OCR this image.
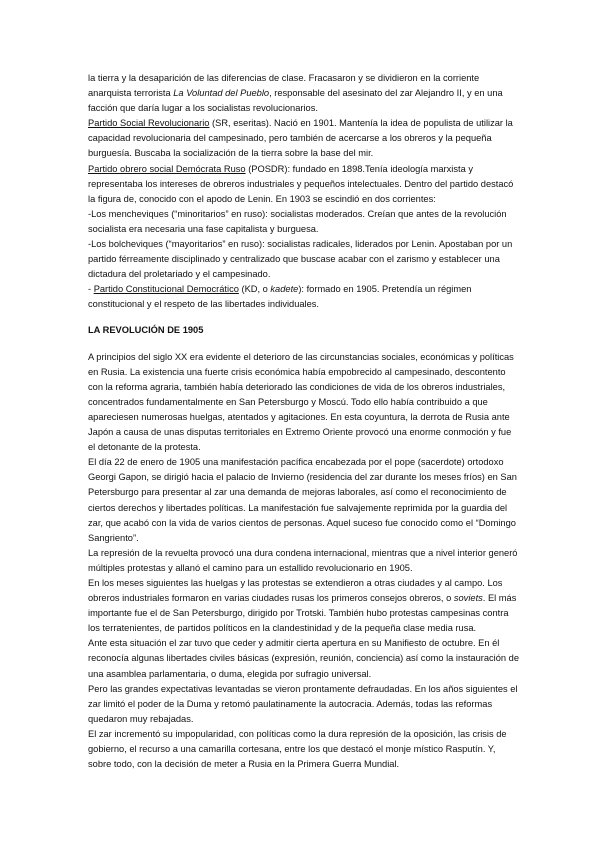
la tierra y la desaparición de las diferencias de clase. Fracasaron y se dividieron en la corriente anarquista terrorista La Voluntad del Pueblo, responsable del asesinato del zar Alejandro II, y en una facción que daría lugar a los socialistas revolucionarios.

Partido Social Revolucionario (SR, eseritas). Nació en 1901. Mantenía la idea de populista de utilizar la capacidad revolucionaria del campesinado, pero también de acercarse a los obreros y la pequeña burguesía. Buscaba la socialización de la tierra sobre la base del mir.

Partido obrero social Demócrata Ruso (POSDR): fundado en 1898.Tenía ideología marxista y representaba los intereses de obreros industriales y pequeños intelectuales. Dentro del partido destacó la figura de, conocido con el apodo de Lenin. En 1903 se escindió en dos corrientes:

-Los mencheviques (“minoritarios” en ruso): socialistas moderados. Creían que antes de la revolución socialista era necesaria una fase capitalista y burguesa.

-Los bolcheviques (“mayoritarios” en ruso): socialistas radicales, liderados por Lenin. Apostaban por un partido férreamente disciplinado y centralizado que buscase acabar con el zarismo y establecer una dictadura del proletariado y el campesinado.

- Partido Constitucional Democrático (KD, o kadete): formado en 1905. Pretendía un régimen constitucional y el respeto de las libertades individuales.

LA REVOLUCIÓN DE 1905

A principios del siglo XX era evidente el deterioro de las circunstancias sociales, económicas y políticas en Rusia. La existencia una fuerte crisis económica había empobrecido al campesinado, descontento con la reforma agraria, también había deteriorado las condiciones de vida de los obreros industriales, concentrados fundamentalmente en San Petersburgo y Moscú. Todo ello había contribuido a que apareciesen numerosas huelgas, atentados y agitaciones. En esta coyuntura, la derrota de Rusia ante Japón a causa de unas disputas territoriales en Extremo Oriente provocó una enorme conmoción y fue el detonante de la protesta.

El día 22 de enero de 1905 una manifestación pacífica encabezada por el pope (sacerdote) ortodoxo Georgi Gapon, se dirigió hacia el palacio de Invierno (residencia del zar durante los meses fríos) en San Petersburgo para presentar al zar una demanda de mejoras laborales, así como el reconocimiento de ciertos derechos y libertades políticas. La manifestación fue salvajemente reprimida por la guardia del zar, que acabó con la vida de varios cientos de personas. Aquel suceso fue conocido como el “Domingo Sangriento”.

La represión de la revuelta provocó una dura condena internacional, mientras que a nivel interior generó múltiples protestas y allanó el camino para un estallido revolucionario en 1905.

En los meses siguientes las huelgas y las protestas se extendieron a otras ciudades y al campo. Los obreros industriales formaron en varias ciudades rusas los primeros consejos obreros, o soviets. El más importante fue el de San Petersburgo, dirigido por Trotski. También hubo protestas campesinas contra los terratenientes, de partidos políticos en la clandestinidad y de la pequeña clase media rusa.

Ante esta situación el zar tuvo que ceder y admitir cierta apertura en su Manifiesto de octubre. En él reconocía algunas libertades civiles básicas (expresión, reunión, conciencia) así como la instauración de una asamblea parlamentaria, o duma, elegida por sufragio universal.

Pero las grandes expectativas levantadas se vieron prontamente defraudadas. En los años siguientes el zar limitó el poder de la Duma y retomó paulatinamente la autocracia. Además, todas las reformas quedaron muy rebajadas.

El zar incrementó su impopularidad, con políticas como la dura represión de la oposición, las crisis de gobierno, el recurso a una camarilla cortesana, entre los que destacó el monje místico Rasputín. Y, sobre todo, con la decisión de meter a Rusia en la Primera Guerra Mundial.
